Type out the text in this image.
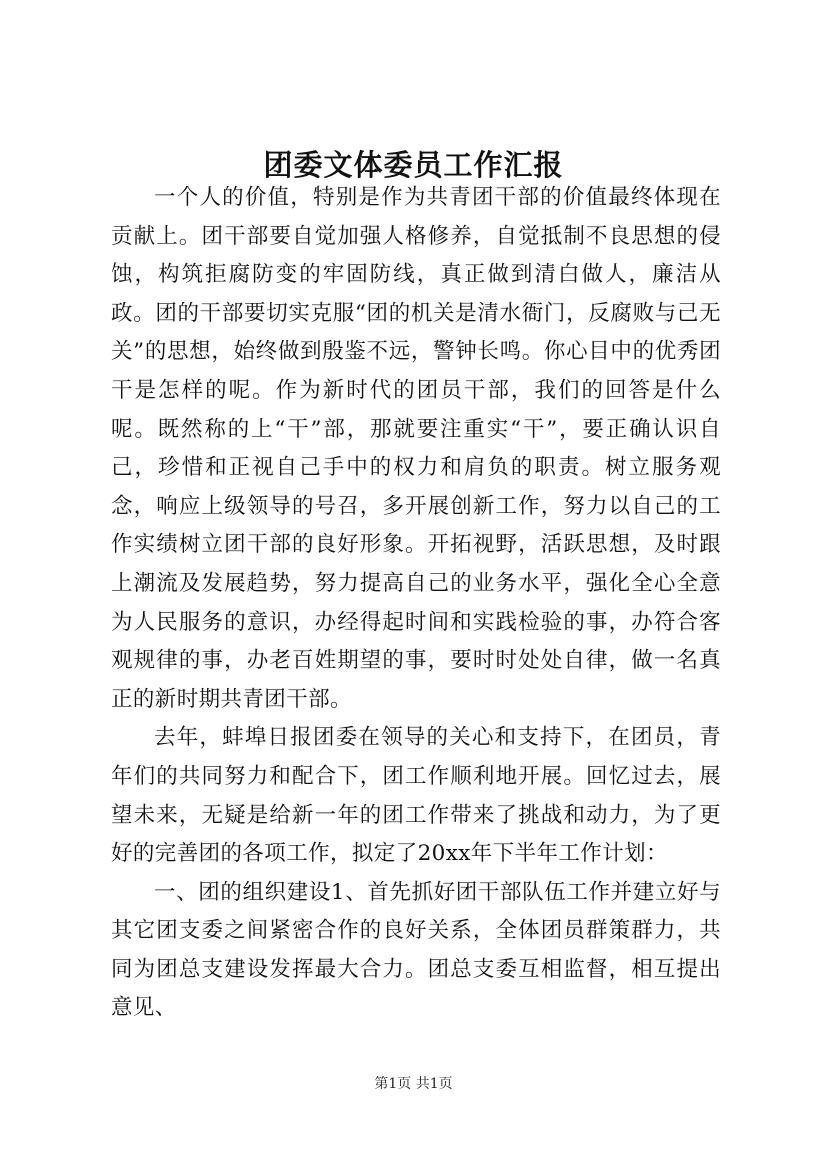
团委文体委员工作汇报

一个人的价值，特别是作为共青团干部的价值最终体现在贡献上。团干部要自觉加强人格修养，自觉抵制不良思想的侵蚀，构筑拒腐防变的牢固防线，真正做到清白做人，廉洁从政。团的干部要切实克服“团的机关是清水衙门，反腐败与己无关”的思想，始终做到殷鉴不远，警钟长鸣。你心目中的优秀团干是怎样的呢。作为新时代的团员干部，我们的回答是什么呢。既然称的上“干”部，那就要注重实“干”，要正确认识自己，珍惜和正视自己手中的权力和肩负的职责。树立服务观念，响应上级领导的号召，多开展创新工作，努力以自己的工作实绩树立团干部的良好形象。开拓视野，活跃思想，及时跟上潮流及发展趋势，努力提高自己的业务水平，强化全心全意为人民服务的意识，办经得起时间和实践检验的事，办符合客观规律的事，办老百姓期望的事，要时时处处自律，做一名真正的新时期共青团干部。

去年，蚌埠日报团委在领导的关心和支持下，在团员，青年们的共同努力和配合下，团工作顺利地开展。回忆过去，展望未来，无疑是给新一年的团工作带来了挑战和动力，为了更好的完善团的各项工作，拟定了20xx年下半年工作计划：

一、团的组织建设1、首先抓好团干部队伍工作并建立好与其它团支委之间紧密合作的良好关系，全体团员群策群力，共同为团总支建设发挥最大合力。团总支委互相监督，相互提出意见、

第1页 共1页
